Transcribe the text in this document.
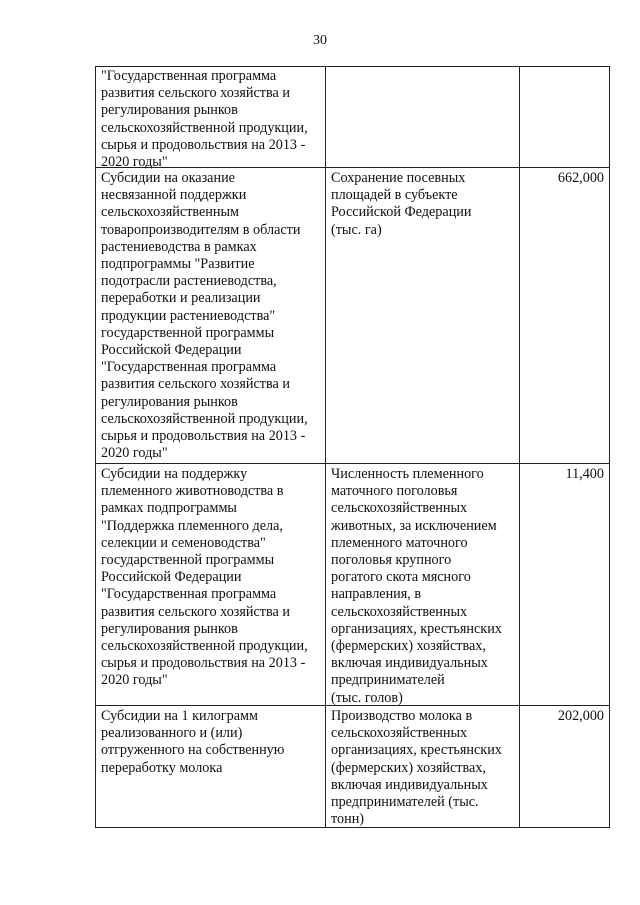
30
"Государственная программа
развития сельского хозяйства и
регулирования рынков
сельскохозяйственной продукции,
сырья и продовольствия на 2013 -
2020 годы"
Субсидии на оказание
несвязанной поддержки
сельскохозяйственным
товаропроизводителям в области
растениеводства в рамках
подпрограммы "Развитие
подотрасли растениеводства,
переработки и реализации
продукции растениеводства"
государственной программы
Российской Федерации
"Государственная программа
развития сельского хозяйства и
регулирования рынков
сельскохозяйственной продукции,
сырья и продовольствия на 2013 -
2020 годы"
Сохранение посевных
площадей в субъекте
Российской Федерации
(тыс. га)
662,000
Субсидии на поддержку
племенного животноводства в
рамках подпрограммы
"Поддержка племенного дела,
селекции и семеноводства"
государственной программы
Российской Федерации
"Государственная программа
развития сельского хозяйства и
регулирования рынков
сельскохозяйственной продукции,
сырья и продовольствия на 2013 -
2020 годы"
Численность племенного
маточного поголовья
сельскохозяйственных
животных, за исключением
племенного маточного
поголовья крупного
рогатого скота мясного
направления, в
сельскохозяйственных
организациях, крестьянских
(фермерских) хозяйствах,
включая индивидуальных
предпринимателей
(тыс. голов)
11,400
Субсидии на 1 килограмм
реализованного и (или)
отгруженного на собственную
переработку молока
Производство молока в
сельскохозяйственных
организациях, крестьянских
(фермерских) хозяйствах,
включая индивидуальных
предпринимателей (тыс.
тонн)
202,000
